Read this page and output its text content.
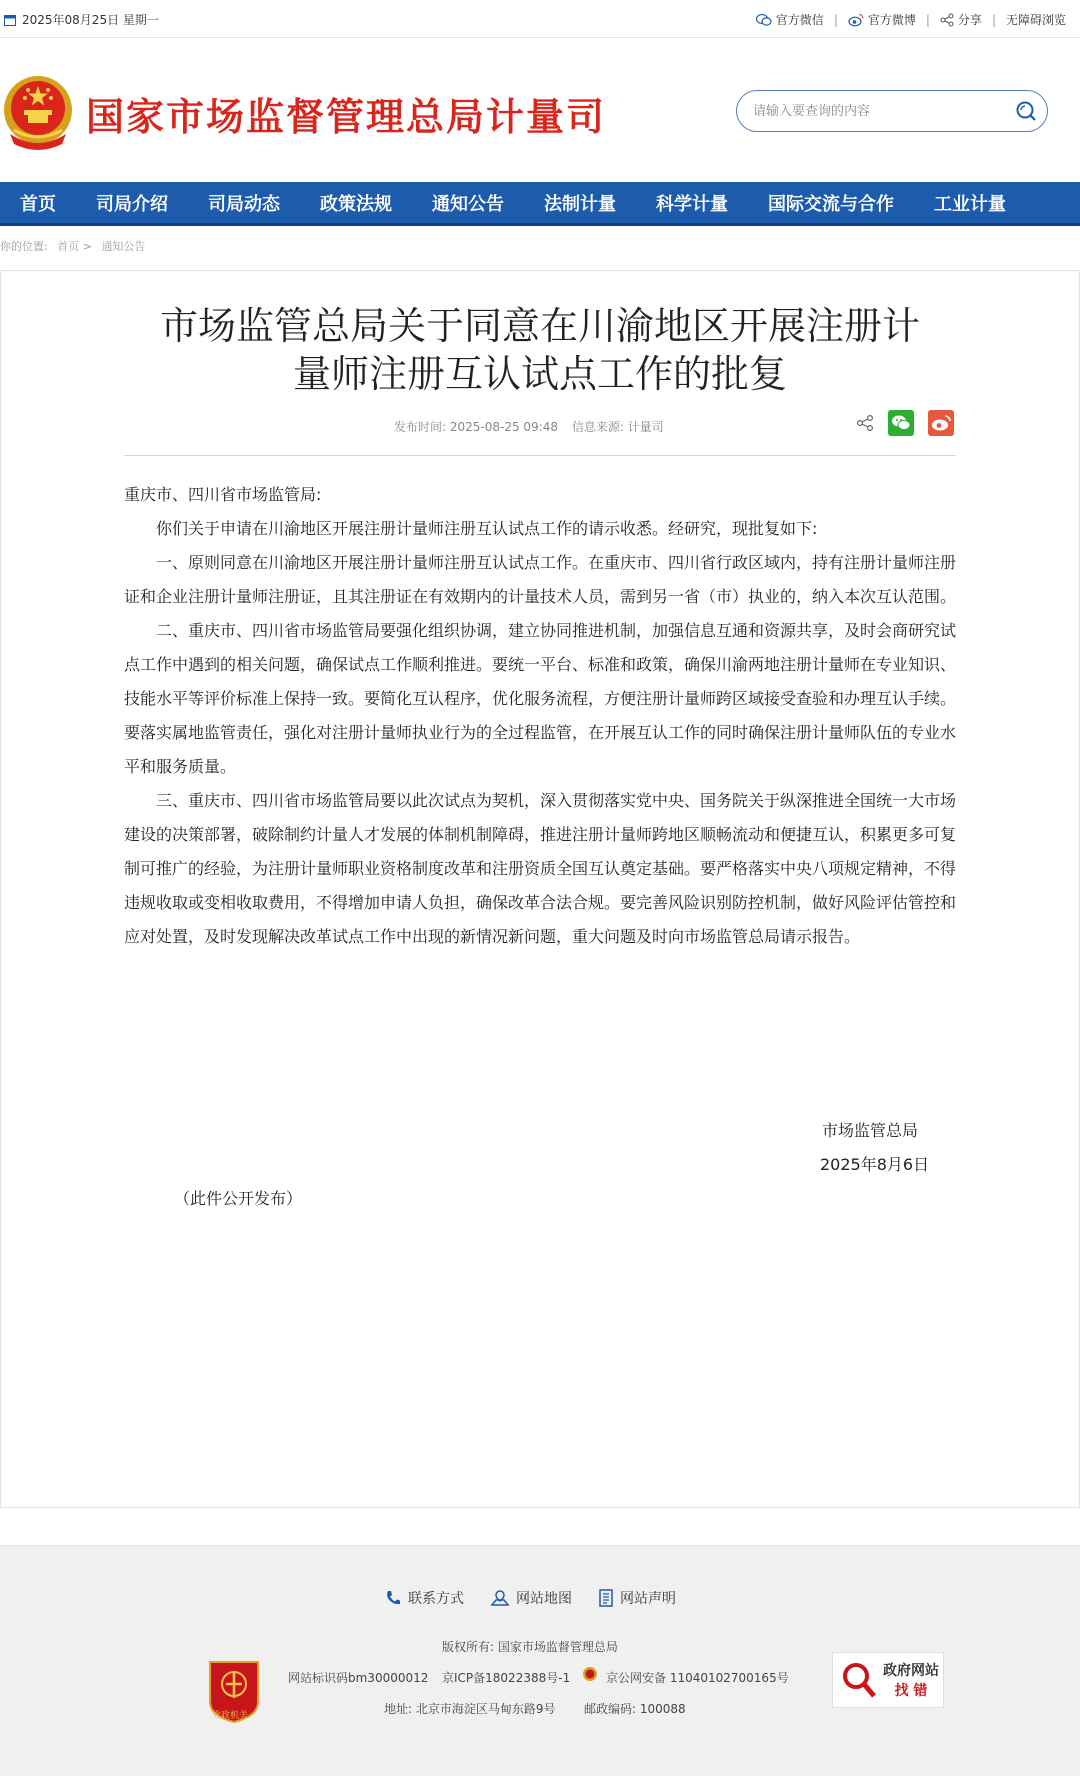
2025年08月25日 星期一	官方微信 |	官方微博 | 分享 | 无障碍浏览
国家市场监督管理总局计量司
请输入要查询的内容
首页 司局介绍 司局动态 政策法规 通知公告 法制计量 科学计量 国际交流与合作 工业计量
你的位置: 首页 > 通知公告
市场监管总局关于同意在川渝地区开展注册计
量师注册互认试点工作的批复
发布时间: 2025-08-25 09:48 信息来源: 计量司

重庆市、四川省市场监管局:

你们关于申请在川渝地区开展注册计量师注册互认试点工作的请示收悉。经研究，现批复如下:

一、原则同意在川渝地区开展注册计量师注册互认试点工作。在重庆市、四川省行政区域内，持有注册计量师注册证和企业注册计量师注册证，且其注册证在有效期内的计量技术人员，需到另一省（市）执业的，纳入本次互认范围。

二、重庆市、四川省市场监管局要强化组织协调，建立协同推进机制，加强信息互通和资源共享，及时会商研究试点工作中遇到的相关问题，确保试点工作顺利推进。要统一平台、标准和政策，确保川渝两地注册计量师在专业知识、技能水平等评价标准上保持一致。要简化互认程序，优化服务流程，方便注册计量师跨区域接受查验和办理互认手续。要落实属地监管责任，强化对注册计量师执业行为的全过程监管，在开展互认工作的同时确保注册计量师队伍的专业水平和服务质量。

三、重庆市、四川省市场监管局要以此次试点为契机，深入贯彻落实党中央、国务院关于纵深推进全国统一大市场建设的决策部署，破除制约计量人才发展的体制机制障碍，推进注册计量师跨地区顺畅流动和便捷互认，积累更多可复制可推广的经验，为注册计量师职业资格制度改革和注册资质全国互认奠定基础。要严格落实中央八项规定精神，不得违规收取或变相收取费用，不得增加申请人负担，确保改革合法合规。要完善风险识别防控机制，做好风险评估管控和应对处置，及时发现解决改革试点工作中出现的新情况新问题，重大问题及时向市场监管总局请示报告。

市场监管总局
2025年8月6日
（此件公开发布）
联系方式	网站地图	网站声明
党政机关
版权所有: 国家市场监督管理总局
网站标识码bm30000012 京ICP备18022388号-1	京公网安备 11040102700165号
地址: 北京市海淀区马甸东路9号 邮政编码: 100088
政府网站
找 错
